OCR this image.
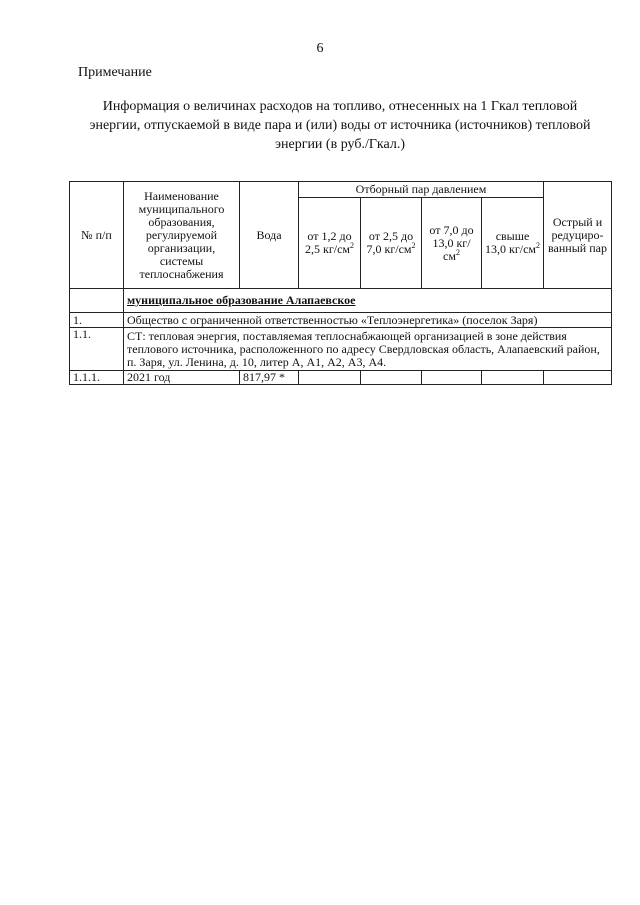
6
Примечание
Информация о величинах расходов на топливо, отнесенных на 1 Гкал тепловой энергии, отпускаемой в виде пара и (или) воды от источника (источников) тепловой энергии (в руб./Гкал.)
№ п/п	Наименование муниципального образования, регулируемой организации, системы теплоснабжения	Вода	Отборный пар давлением				Острый и редуциро-ванный пар
			от 1,2 до 2,5 $кг/см^2$	от 2,5 до 7,0 $кг/см^2$	от 7,0 до 13,0 $кг/см^2$	свыше 13,0 $кг/см^2$
	муниципальное образование Алапаевское						
1.	Общество с ограниченной ответственностью «Теплоэнергетика» (поселок Заря)						
1.1.	СТ: тепловая энергия, поставляемая теплоснабжающей организацией в зоне действия теплового источника, расположенного по адресу Свердловская область, Алапаевский район, п. Заря, ул. Ленина, д. 10, литер А, А1, А2, А3, А4.						
1.1.1.	2021 год	817,97 *					
